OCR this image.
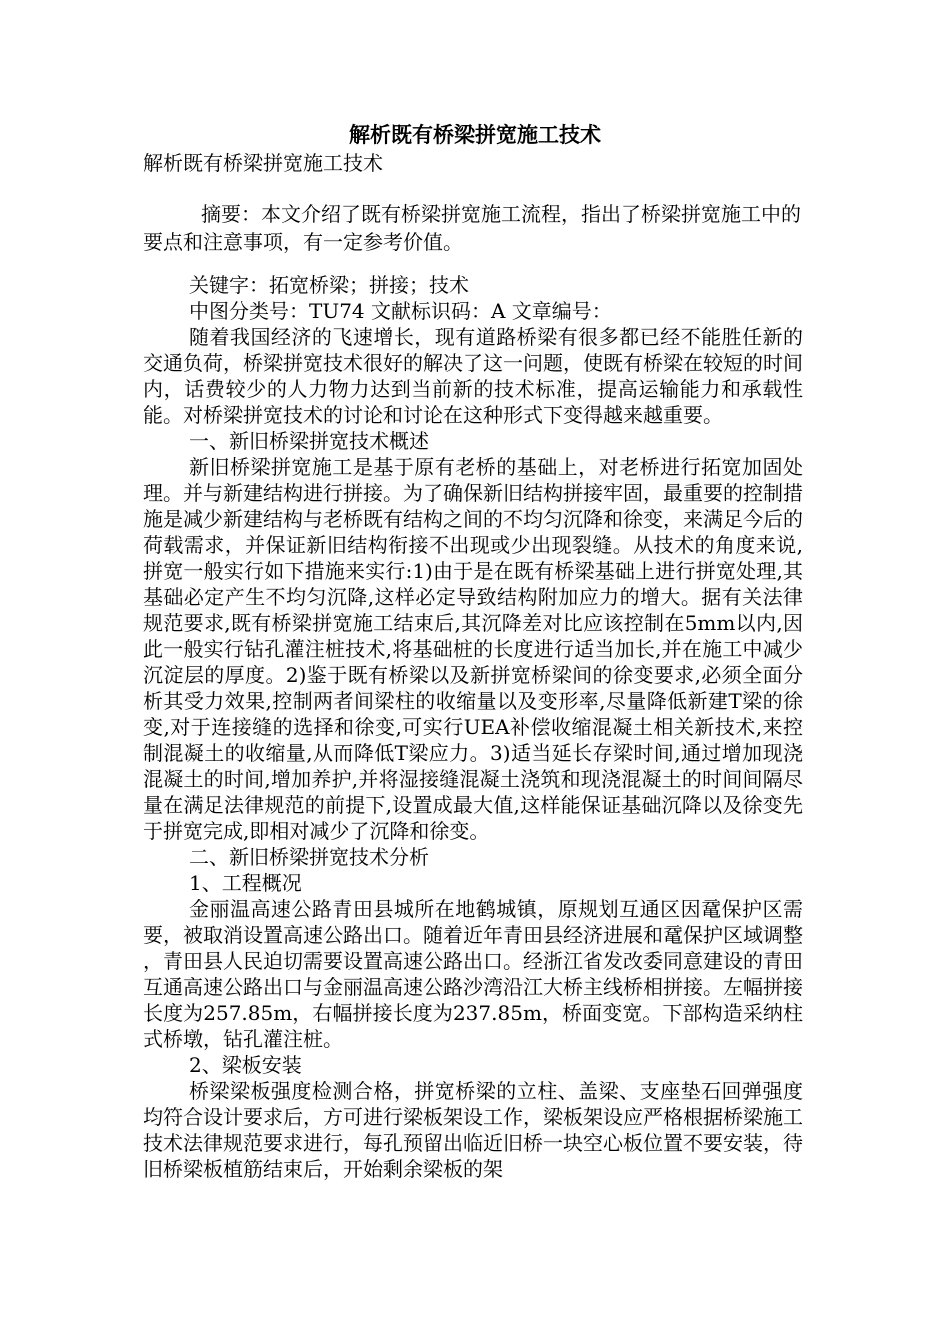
解析既有桥梁拼宽施工技术

解析既有桥梁拼宽施工技术

摘要：本文介绍了既有桥梁拼宽施工流程，指出了桥梁拼宽施工中的要点和注意事项，有一定参考价值。

关键字：拓宽桥梁；拼接；技术

中图分类号：TU74 文献标识码：A 文章编号：

随着我国经济的飞速增长，现有道路桥梁有很多都已经不能胜任新的交通负荷，桥梁拼宽技术很好的解决了这一问题，使既有桥梁在较短的时间内，话费较少的人力物力达到当前新的技术标准，提高运输能力和承载性能。对桥梁拼宽技术的讨论和讨论在这种形式下变得越来越重要。

一、新旧桥梁拼宽技术概述

新旧桥梁拼宽施工是基于原有老桥的基础上，对老桥进行拓宽加固处理。并与新建结构进行拼接。为了确保新旧结构拼接牢固，最重要的控制措施是减少新建结构与老桥既有结构之间的不均匀沉降和徐变，来满足今后的荷载需求，并保证新旧结构衔接不出现或少出现裂缝。从技术的角度来说,拼宽一般实行如下措施来实行:1)由于是在既有桥梁基础上进行拼宽处理,其基础必定产生不均匀沉降,这样必定导致结构附加应力的增大。据有关法律规范要求,既有桥梁拼宽施工结束后,其沉降差对比应该控制在5mm以内,因此一般实行钻孔灌注桩技术,将基础桩的长度进行适当加长,并在施工中减少沉淀层的厚度。2)鉴于既有桥梁以及新拼宽桥梁间的徐变要求,必须全面分析其受力效果,控制两者间梁柱的收缩量以及变形率,尽量降低新建T梁的徐变,对于连接缝的选择和徐变,可实行UEA补偿收缩混凝土相关新技术,来控制混凝土的收缩量,从而降低T梁应力。3)适当延长存梁时间,通过增加现浇混凝土的时间,增加养护,并将湿接缝混凝土浇筑和现浇混凝土的时间间隔尽量在满足法律规范的前提下,设置成最大值,这样能保证基础沉降以及徐变先于拼宽完成,即相对减少了沉降和徐变。

二、新旧桥梁拼宽技术分析

1、工程概况

金丽温高速公路青田县城所在地鹤城镇，原规划互通区因鼋保护区需要，被取消设置高速公路出口。随着近年青田县经济进展和鼋保护区域调整 ，青田县人民迫切需要设置高速公路出口。经浙江省发改委同意建设的青田互通高速公路出口与金丽温高速公路沙湾沿江大桥主线桥相拼接。左幅拼接长度为257.85m，右幅拼接长度为237.85m，桥面变宽。下部构造采纳柱式桥墩，钻孔灌注桩。

2、梁板安装

桥梁梁板强度检测合格，拼宽桥梁的立柱、盖梁、支座垫石回弹强度均符合设计要求后，方可进行梁板架设工作，梁板架设应严格根据桥梁施工技术法律规范要求进行，每孔预留出临近旧桥一块空心板位置不要安装，待旧桥梁板植筋结束后，开始剩余梁板的架
